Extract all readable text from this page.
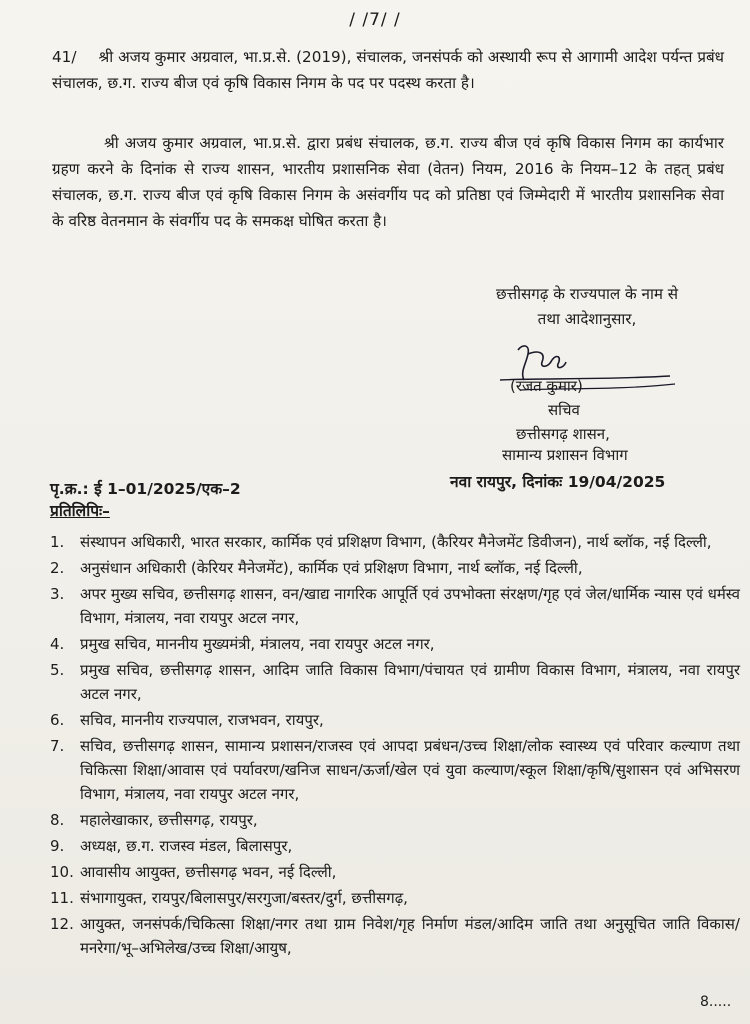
/ /7/ /
41/ श्री अजय कुमार अग्रवाल, भा.प्र.से. (2019), संचालक, जनसंपर्क को अस्थायी रूप से आगामी आदेश पर्यन्त प्रबंध संचालक, छ.ग. राज्य बीज एवं कृषि विकास निगम के पद पर पदस्थ करता है।
श्री अजय कुमार अग्रवाल, भा.प्र.से. द्वारा प्रबंध संचालक, छ.ग. राज्य बीज एवं कृषि विकास निगम का कार्यभार ग्रहण करने के दिनांक से राज्य शासन, भारतीय प्रशासनिक सेवा (वेतन) नियम, 2016 के नियम–12 के तहत् प्रबंध संचालक, छ.ग. राज्य बीज एवं कृषि विकास निगम के असंवर्गीय पद को प्रतिष्ठा एवं जिम्मेदारी में भारतीय प्रशासनिक सेवा के वरिष्ठ वेतनमान के संवर्गीय पद के समकक्ष घोषित करता है।
छत्तीसगढ़ के राज्यपाल के नाम से
तथा आदेशानुसार,
(रजत कुमार)
सचिव
छत्तीसगढ़ शासन,
सामान्य प्रशासन विभाग
पृ.क्र.: ई 1–01/2025/एक–2	नवा रायपुर, दिनांकः 19/04/2025
प्रतिलिपिः–
1. संस्थापन अधिकारी, भारत सरकार, कार्मिक एवं प्रशिक्षण विभाग, (कैरियर मैनेजमेंट डिवीजन), नार्थ ब्लॉक, नई दिल्ली,
2. अनुसंधान अधिकारी (केरियर मैनेजमेंट), कार्मिक एवं प्रशिक्षण विभाग, नार्थ ब्लॉक, नई दिल्ली,
3. अपर मुख्य सचिव, छत्तीसगढ़ शासन, वन/खाद्य नागरिक आपूर्ति एवं उपभोक्ता संरक्षण/गृह एवं जेल/धार्मिक न्यास एवं धर्मस्व विभाग, मंत्रालय, नवा रायपुर अटल नगर,
4. प्रमुख सचिव, माननीय मुख्यमंत्री, मंत्रालय, नवा रायपुर अटल नगर,
5. प्रमुख सचिव, छत्तीसगढ़ शासन, आदिम जाति विकास विभाग/पंचायत एवं ग्रामीण विकास विभाग, मंत्रालय, नवा रायपुर अटल नगर,
6. सचिव, माननीय राज्यपाल, राजभवन, रायपुर,
7. सचिव, छत्तीसगढ़ शासन, सामान्य प्रशासन/राजस्व एवं आपदा प्रबंधन/उच्च शिक्षा/लोक स्वास्थ्य एवं परिवार कल्याण तथा चिकित्सा शिक्षा/आवास एवं पर्यावरण/खनिज साधन/ऊर्जा/खेल एवं युवा कल्याण/स्कूल शिक्षा/कृषि/सुशासन एवं अभिसरण विभाग, मंत्रालय, नवा रायपुर अटल नगर,
8. महालेखाकार, छत्तीसगढ़, रायपुर,
9. अध्यक्ष, छ.ग. राजस्व मंडल, बिलासपुर,
10. आवासीय आयुक्त, छत्तीसगढ़ भवन, नई दिल्ली,
11. संभागायुक्त, रायपुर/बिलासपुर/सरगुजा/बस्तर/दुर्ग, छत्तीसगढ़,
12. आयुक्त, जनसंपर्क/चिकित्सा शिक्षा/नगर तथा ग्राम निवेश/गृह निर्माण मंडल/आदिम जाति तथा अनुसूचित जाति विकास/मनरेगा/भू–अभिलेख/उच्च शिक्षा/आयुष,
8.....
